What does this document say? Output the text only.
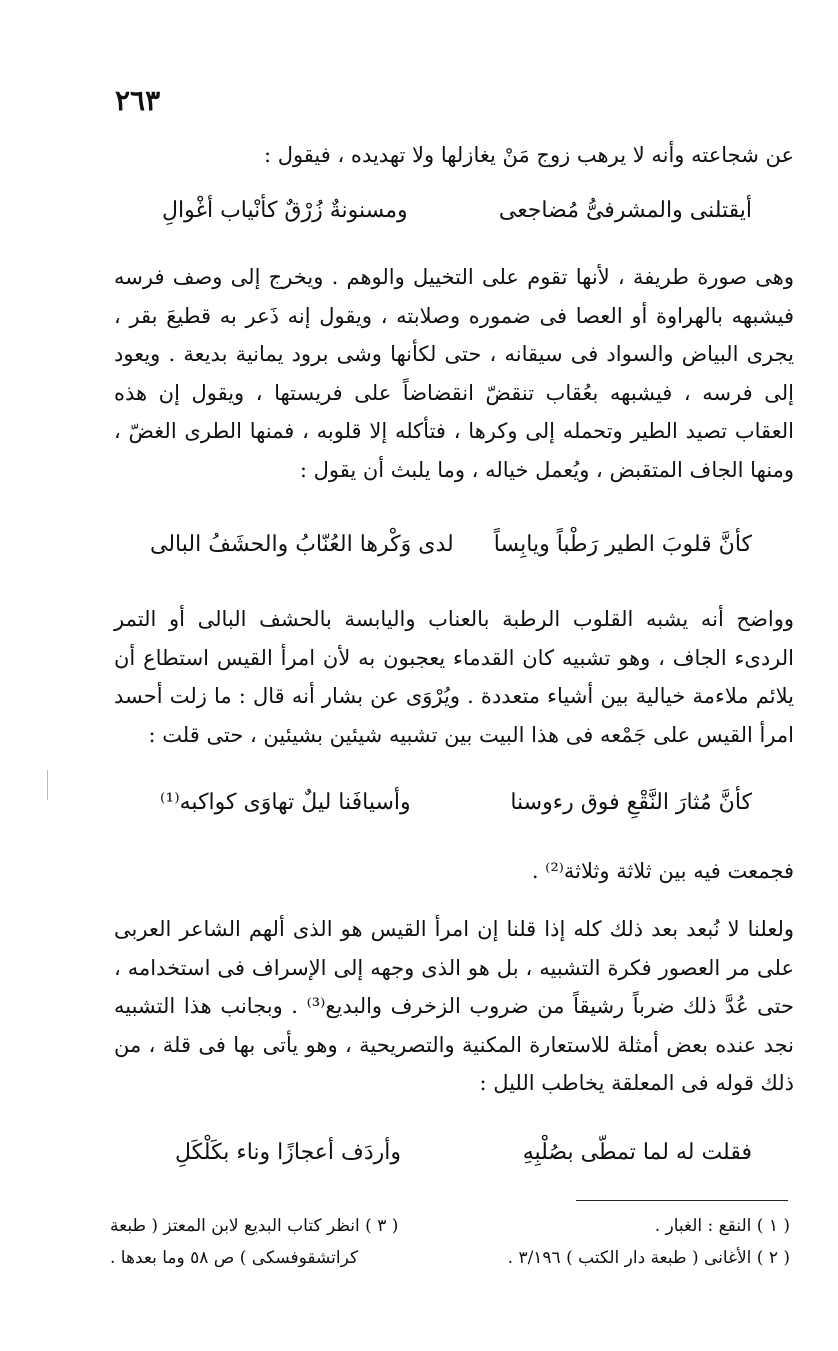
٢٦٣
عن شجاعته وأنه لا يرهب زوج مَنْ يغازلها ولا تهديده ، فيقول :
أيقتلنى والمشرفىُّ مُضاجعى
ومسنونةٌ زُرْقٌ كأنْياب أغْوالِ
وهى صورة طريفة ، لأنها تقوم على التخييل والوهم . ويخرج إلى وصف فرسه فيشبهه بالهراوة أو العصا فى ضموره وصلابته ، ويقول إنه ذَعر به قطيعَ بقر ، يجرى البياض والسواد فى سيقانه ، حتى لكأنها وشى برود يمانية بديعة . ويعود إلى فرسه ، فيشبهه بعُقاب تنقضّ انقضاضاً على فريستها ، ويقول إن هذه العقاب تصيد الطير وتحمله إلى وكرها ، فتأكله إلا قلوبه ، فمنها الطرى الغضّ ، ومنها الجاف المتقبض ، ويُعمل خياله ، وما يلبث أن يقول :
كأنَّ قلوبَ الطير رَطْباً ويابِساً
لدى وَكْرها العُنّابُ والحشَفُ البالى
وواضح أنه يشبه القلوب الرطبة بالعناب واليابسة بالحشف البالى أو التمر الردىء الجاف ، وهو تشبيه كان القدماء يعجبون به لأن امرأ القيس استطاع أن يلائم ملاءمة خيالية بين أشياء متعددة . ويُرْوَى عن بشار أنه قال : ما زلت أحسد امرأ القيس على جَمْعه فى هذا البيت بين تشبيه شيئين بشيئين ، حتى قلت :
كأنَّ مُثارَ النَّقْعِ فوق رءوسنا
وأسيافَنا ليلٌ تهاوَى كواكبه⁽¹⁾
فجمعت فيه بين ثلاثة وثلاثة⁽²⁾ .
ولعلنا لا نُبعد بعد ذلك كله إذا قلنا إن امرأ القيس هو الذى ألهم الشاعر العربى على مر العصور فكرة التشبيه ، بل هو الذى وجهه إلى الإسراف فى استخدامه ، حتى عُدَّ ذلك ضرباً رشيقاً من ضروب الزخرف والبديع⁽³⁾ . وبجانب هذا التشبيه نجد عنده بعض أمثلة للاستعارة المكنية والتصريحية ، وهو يأتى بها فى قلة ، من ذلك قوله فى المعلقة يخاطب الليل :
فقلت له لما تمطّى بصُلْبِهِ
وأردَف أعجازًا وناء بكَلْكَلِ
( ١ ) النقع : الغبار .
( ٢ ) الأغانى ( طبعة دار الكتب ) ٣/١٩٦ .
( ٣ ) انظر كتاب البديع لابن المعتز ( طبعة
كراتشقوفسكى ) ص ٥٨ وما بعدها .
